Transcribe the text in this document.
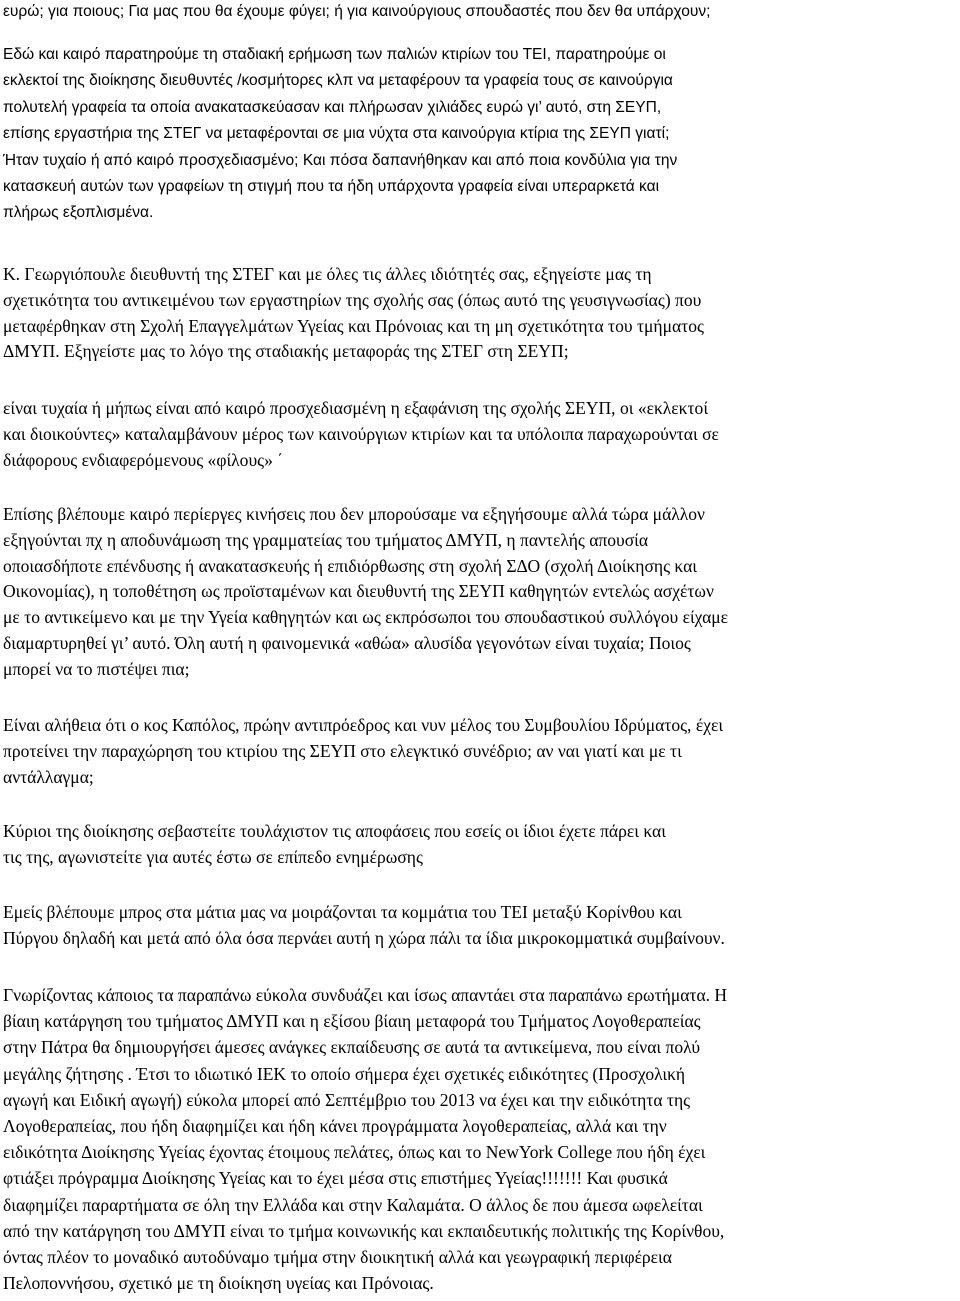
ευρώ; για ποιους; Για μας που θα έχουμε φύγει; ή για καινούργιους σπουδαστές που δεν θα υπάρχουν;
Εδώ και καιρό παρατηρούμε τη σταδιακή ερήμωση των παλιών κτιρίων του ΤΕΙ, παρατηρούμε οι
εκλεκτοί της διοίκησης διευθυντές /κοσμήτορες κλπ να μεταφέρουν τα γραφεία τους σε καινούργια
πολυτελή γραφεία τα οποία ανακατασκεύασαν και πλήρωσαν χιλιάδες ευρώ γι’ αυτό, στη ΣΕΥΠ,
επίσης εργαστήρια της ΣΤΕΓ να μεταφέρονται σε μια νύχτα στα καινούργια κτίρια της ΣΕΥΠ γιατί;
Ήταν τυχαίο ή από καιρό προσχεδιασμένο; Και πόσα δαπανήθηκαν και από ποια κονδύλια για την
κατασκευή αυτών των γραφείων τη στιγμή που τα ήδη υπάρχοντα γραφεία είναι υπεραρκετά και
πλήρως εξοπλισμένα.
Κ. Γεωργιόπουλε διευθυντή της ΣΤΕΓ και με όλες τις άλλες ιδιότητές σας, εξηγείστε μας τη
σχετικότητα του αντικειμένου των εργαστηρίων της σχολής σας (όπως αυτό της γευσιγνωσίας) που
μεταφέρθηκαν στη Σχολή Επαγγελμάτων Υγείας και Πρόνοιας και τη μη σχετικότητα του τμήματος
ΔΜΥΠ. Εξηγείστε μας το λόγο της σταδιακής μεταφοράς της ΣΤΕΓ στη ΣΕΥΠ;
είναι τυχαία ή μήπως είναι από καιρό προσχεδιασμένη η εξαφάνιση της σχολής ΣΕΥΠ, οι «εκλεκτοί
και διοικούντες» καταλαμβάνουν μέρος των καινούργιων κτιρίων και τα υπόλοιπα παραχωρούνται σε
διάφορους ενδιαφερόμενους «φίλους» ΄
Επίσης βλέπουμε καιρό περίεργες κινήσεις που δεν μπορούσαμε να εξηγήσουμε αλλά τώρα μάλλον
εξηγούνται πχ η αποδυνάμωση της γραμματείας του τμήματος ΔΜΥΠ, η παντελής απουσία
οποιασδήποτε επένδυσης ή ανακατασκευής ή επιδιόρθωσης στη σχολή ΣΔΟ (σχολή Διοίκησης και
Οικονομίας), η τοποθέτηση ως προϊσταμένων και διευθυντή της ΣΕΥΠ καθηγητών εντελώς ασχέτων
με το αντικείμενο και με την Υγεία καθηγητών και ως εκπρόσωποι του σπουδαστικού συλλόγου είχαμε
διαμαρτυρηθεί γι’ αυτό. Όλη αυτή η φαινομενικά «αθώα» αλυσίδα γεγονότων είναι τυχαία; Ποιος
μπορεί να το πιστέψει πια;
Είναι αλήθεια ότι ο κος Καπόλος, πρώην αντιπρόεδρος και νυν μέλος του Συμβουλίου Ιδρύματος, έχει
προτείνει την παραχώρηση του κτιρίου της ΣΕΥΠ στο ελεγκτικό συνέδριο; αν ναι γιατί και με τι
αντάλλαγμα;
Κύριοι της διοίκησης σεβαστείτε τουλάχιστον τις αποφάσεις που εσείς οι ίδιοι έχετε πάρει και
τις της, αγωνιστείτε για αυτές έστω σε επίπεδο ενημέρωσης
Εμείς βλέπουμε μπρος στα μάτια μας να μοιράζονται τα κομμάτια του ΤΕΙ μεταξύ Κορίνθου και
Πύργου δηλαδή και μετά από όλα όσα περνάει αυτή η χώρα πάλι τα ίδια μικροκομματικά συμβαίνουν.
Γνωρίζοντας κάποιος τα παραπάνω εύκολα συνδυάζει και ίσως απαντάει στα παραπάνω ερωτήματα. Η
βίαιη κατάργηση του τμήματος ΔΜΥΠ και η εξίσου βίαιη μεταφορά του Τμήματος Λογοθεραπείας
στην Πάτρα θα δημιουργήσει άμεσες ανάγκες εκπαίδευσης σε αυτά τα αντικείμενα, που είναι πολύ
μεγάλης ζήτησης . Έτσι το ιδιωτικό ΙΕΚ το οποίο σήμερα έχει σχετικές ειδικότητες (Προσχολική
αγωγή και Ειδική αγωγή) εύκολα μπορεί από Σεπτέμβριο του 2013 να έχει και την ειδικότητα της
Λογοθεραπείας, που ήδη διαφημίζει και ήδη κάνει προγράμματα λογοθεραπείας, αλλά και την
ειδικότητα Διοίκησης Υγείας έχοντας έτοιμους πελάτες, όπως και το NewYork College που ήδη έχει
φτιάξει πρόγραμμα Διοίκησης Υγείας και το έχει μέσα στις επιστήμες Υγείας!!!!!!! Και φυσικά
διαφημίζει παραρτήματα σε όλη την Ελλάδα και στην Καλαμάτα. Ο άλλος δε που άμεσα ωφελείται
από την κατάργηση του ΔΜΥΠ είναι το τμήμα κοινωνικής και εκπαιδευτικής πολιτικής της Κορίνθου,
όντας πλέον το μοναδικό αυτοδύναμο τμήμα στην διοικητική αλλά και γεωγραφική περιφέρεια
Πελοποννήσου, σχετικό με τη διοίκηση υγείας και Πρόνοιας.
